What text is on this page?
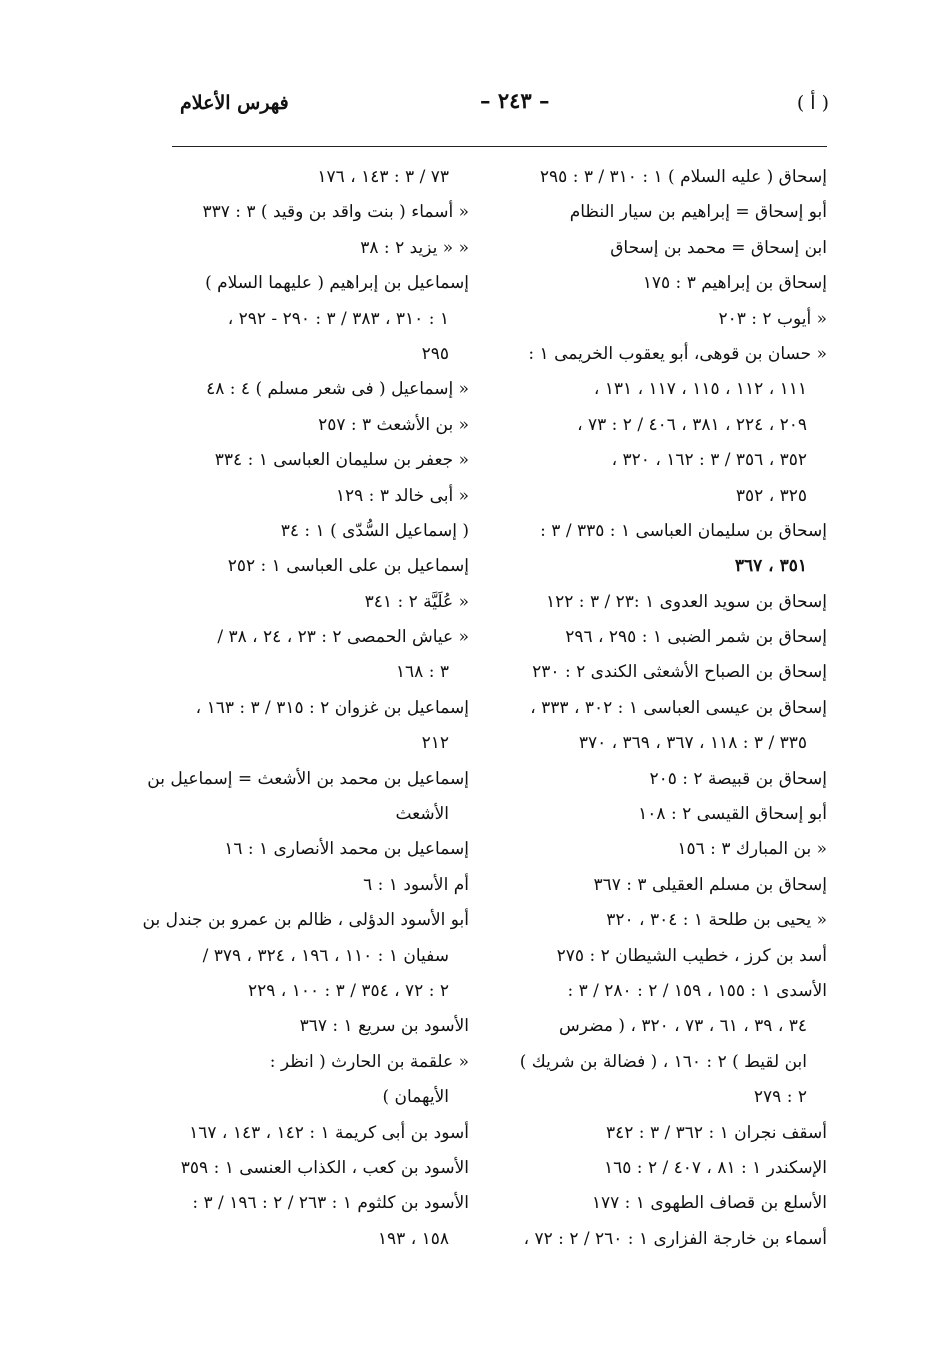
( أ )
– ٢٤٣ –
فهرس الأعلام
إسحاق ( عليه السلام ) ١ : ٣١٠ / ٣ : ٢٩٥
أبو إسحاق = إبراهيم بن سيار النظام
ابن إسحاق = محمد بن إسحاق
إسحاق بن إبراهيم ٣ : ١٧٥
« أيوب ٢ : ٢٠٣
« حسان بن قوهى، أبو يعقوب الخريمى ١ :
١١١ ، ١١٢ ، ١١٥ ، ١١٧ ، ١٣١ ،
٢٠٩ ، ٢٢٤ ، ٣٨١ ، ٤٠٦ / ٢ : ٧٣ ،
٣٥٢ ، ٣٥٦ / ٣ : ١٦٢ ، ٣٢٠ ،
٣٢٥ ، ٣٥٢
إسحاق بن سليمان العباسى ١ : ٣٣٥ / ٣ :
٣٥١ ، ٣٦٧
إسحاق بن سويد العدوى ١ :٢٣ / ٣ : ١٢٢
إسحاق بن شمر الضبى ١ : ٢٩٥ ، ٢٩٦
إسحاق بن الصباح الأشعثى الكندى ٢ : ٢٣٠
إسحاق بن عيسى العباسى ١ : ٣٠٢ ، ٣٣٣ ،
٣٣٥ / ٣ : ١١٨ ، ٣٦٧ ، ٣٦٩ ، ٣٧٠
إسحاق بن قبيصة ٢ : ٢٠٥
أبو إسحاق القيسى ٢ : ١٠٨
« بن المبارك ٣ : ١٥٦
إسحاق بن مسلم العقيلى ٣ : ٣٦٧
« يحيى بن طلحة ١ : ٣٠٤ ، ٣٢٠
أسد بن كرز ، خطيب الشيطان ٢ : ٢٧٥
الأسدى ١ : ١٥٥ ، ١٥٩ / ٢ : ٢٨٠ / ٣ :
٣٤ ، ٣٩ ، ٦١ ، ٧٣ ، ٣٢٠ ، ( مضرس
ابن لقيط ) ٢ : ١٦٠ ، ( فضالة بن شريك )
٢ : ٢٧٩
أسقف نجران ١ : ٣٦٢ / ٣ : ٣٤٢
الإسكندر ١ : ٨١ ، ٤٠٧ / ٢ : ١٦٥
الأسلع بن قصاف الطهوى ١ : ١٧٧
أسماء بن خارجة الفزارى ١ : ٢٦٠ / ٢ : ٧٢ ،
٧٣ / ٣ : ١٤٣ ، ١٧٦
« أسماء ( بنت واقد بن وقيد ) ٣ : ٣٣٧
« « يزيد ٢ : ٣٨
إسماعيل بن إبراهيم ( عليهما السلام )
١ : ٣١٠ ، ٣٨٣ / ٣ : ٢٩٠ - ٢٩٢ ،
٢٩٥
« إسماعيل ( فى شعر مسلم ) ٤ : ٤٨
« بن الأشعث ٣ : ٢٥٧
« جعفر بن سليمان العباسى ١ : ٣٣٤
« أبى خالد ٣ : ١٢٩
( إسماعيل السُّدّى ) ١ : ٣٤
إسماعيل بن على العباسى ١ : ٢٥٢
« عُلَيَّة ٢ : ٣٤١
« عياش الحمصى ٢ : ٢٣ ، ٢٤ ، ٣٨ /
٣ : ١٦٨
إسماعيل بن غزوان ٢ : ٣١٥ / ٣ : ١٦٣ ،
٢١٢
إسماعيل بن محمد بن الأشعث = إسماعيل بن
الأشعث
إسماعيل بن محمد الأنصارى ١ : ١٦
أم الأسود ١ : ٦
أبو الأسود الدؤلى ، ظالم بن عمرو بن جندل بن
سفيان ١ : ١١٠ ، ١٩٦ ، ٣٢٤ ، ٣٧٩ /
٢ : ٧٢ ، ٣٥٤ / ٣ : ١٠٠ ، ٢٢٩
الأسود بن سريع ١ : ٣٦٧
« علقمة بن الحارث ( انظر :
الأيهمان )
أسود بن أبى كريمة ١ : ١٤٢ ، ١٤٣ ، ١٦٧
الأسود بن كعب ، الكذاب العنسى ١ : ٣٥٩
الأسود بن كلثوم ١ : ٢٦٣ / ٢ : ١٩٦ / ٣ :
١٥٨ ، ١٩٣
